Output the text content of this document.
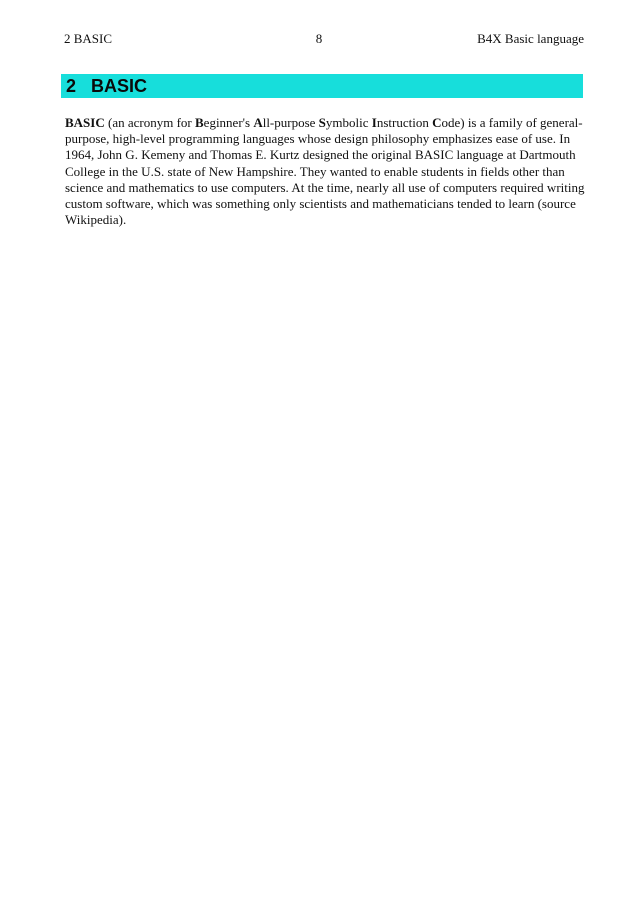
2 BASIC	8	B4X Basic language
2   BASIC

BASIC (an acronym for Beginner's All-purpose Symbolic Instruction Code) is a family of general-purpose, high-level programming languages whose design philosophy emphasizes ease of use. In 1964, John G. Kemeny and Thomas E. Kurtz designed the original BASIC language at Dartmouth College in the U.S. state of New Hampshire. They wanted to enable students in fields other than science and mathematics to use computers. At the time, nearly all use of computers required writing custom software, which was something only scientists and mathematicians tended to learn (source Wikipedia).
